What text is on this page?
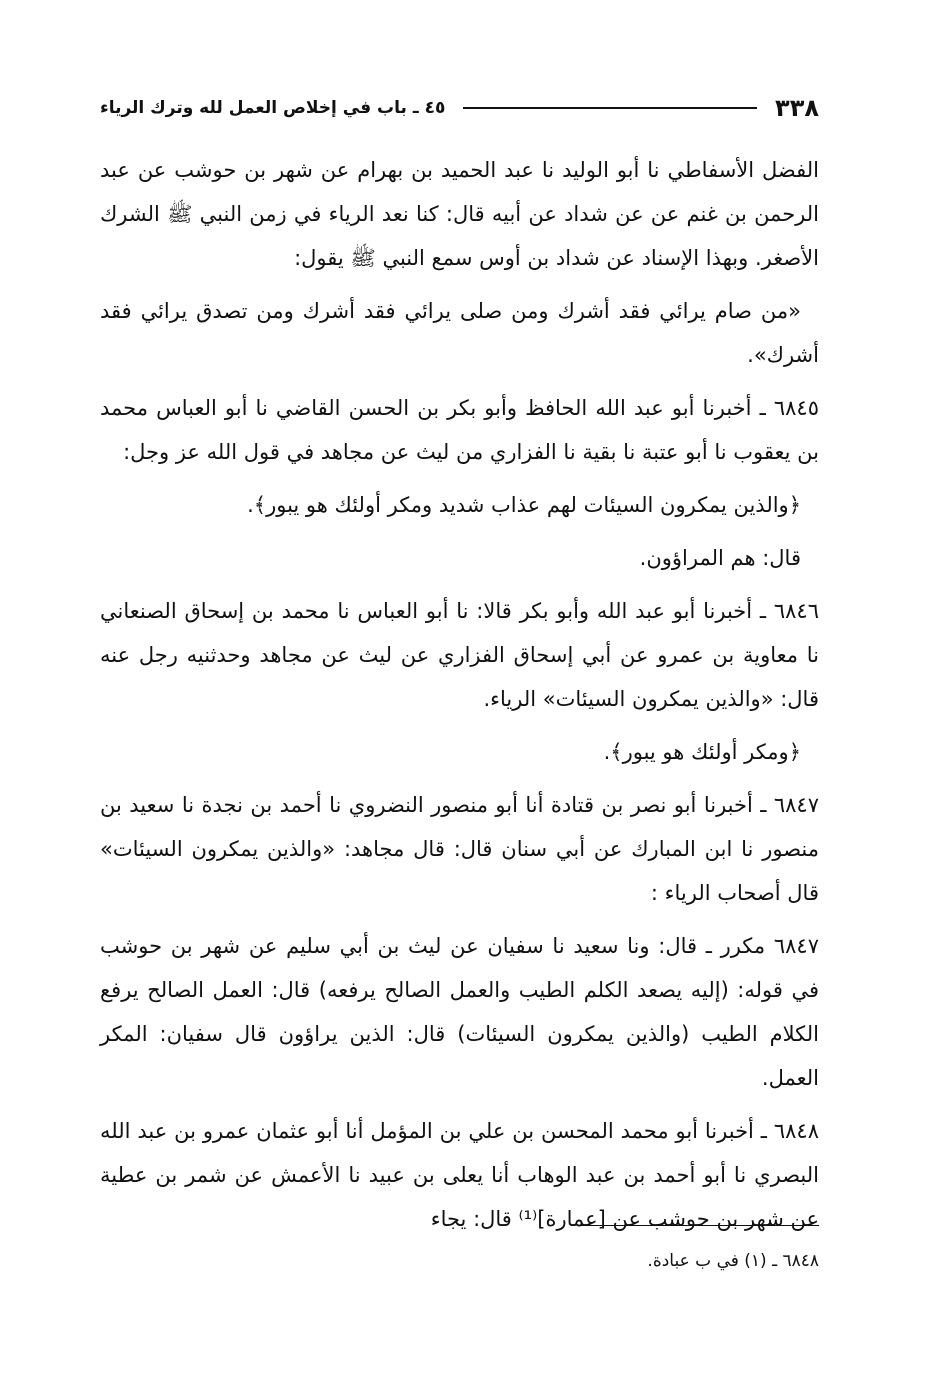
٣٣٨
٤٥ ـ باب في إخلاص العمل لله وترك الرياء

الفضل الأسفاطي نا أبو الوليد نا عبد الحميد بن بهرام عن شهر بن حوشب عن عبد الرحمن بن غنم عن عن شداد عن أبيه قال: كنا نعد الرياء في زمن النبي ﷺ الشرك الأصغر. وبهذا الإسناد عن شداد بن أوس سمع النبي ﷺ يقول:

«من صام يرائي فقد أشرك ومن صلى يرائي فقد أشرك ومن تصدق يرائي فقد أشرك».

٦٨٤٥ ـ أخبرنا أبو عبد الله الحافظ وأبو بكر بن الحسن القاضي نا أبو العباس محمد بن يعقوب نا أبو عتبة نا بقية نا الفزاري من ليث عن مجاهد في قول الله عز وجل:

﴿والذين يمكرون السيئات لهم عذاب شديد ومكر أولئك هو يبور﴾.

قال: هم المراؤون.

٦٨٤٦ ـ أخبرنا أبو عبد الله وأبو بكر قالا: نا أبو العباس نا محمد بن إسحاق الصنعاني نا معاوية بن عمرو عن أبي إسحاق الفزاري عن ليث عن مجاهد وحدثنيه رجل عنه قال: «والذين يمكرون السيئات» الرياء.

﴿ومكر أولئك هو يبور﴾.

٦٨٤٧ ـ أخبرنا أبو نصر بن قتادة أنا أبو منصور النضروي نا أحمد بن نجدة نا سعيد بن منصور نا ابن المبارك عن أبي سنان قال: قال مجاهد: «والذين يمكرون السيئات» قال أصحاب الرياء :

٦٨٤٧ مكرر ـ قال: ونا سعيد نا سفيان عن ليث بن أبي سليم عن شهر بن حوشب في قوله: (إليه يصعد الكلم الطيب والعمل الصالح يرفعه) قال: العمل الصالح يرفع الكلام الطيب (والذين يمكرون السيئات) قال: الذين يراؤون قال سفيان: المكر العمل.

٦٨٤٨ ـ أخبرنا أبو محمد المحسن بن علي بن المؤمل أنا أبو عثمان عمرو بن عبد الله البصري نا أبو أحمد بن عبد الوهاب أنا يعلى بن عبيد نا الأعمش عن شمر بن عطية عن شهر بن حوشب عن [عمارة]⁽¹⁾ قال: يجاء

٦٨٤٨ ـ (١) في ب عبادة.
